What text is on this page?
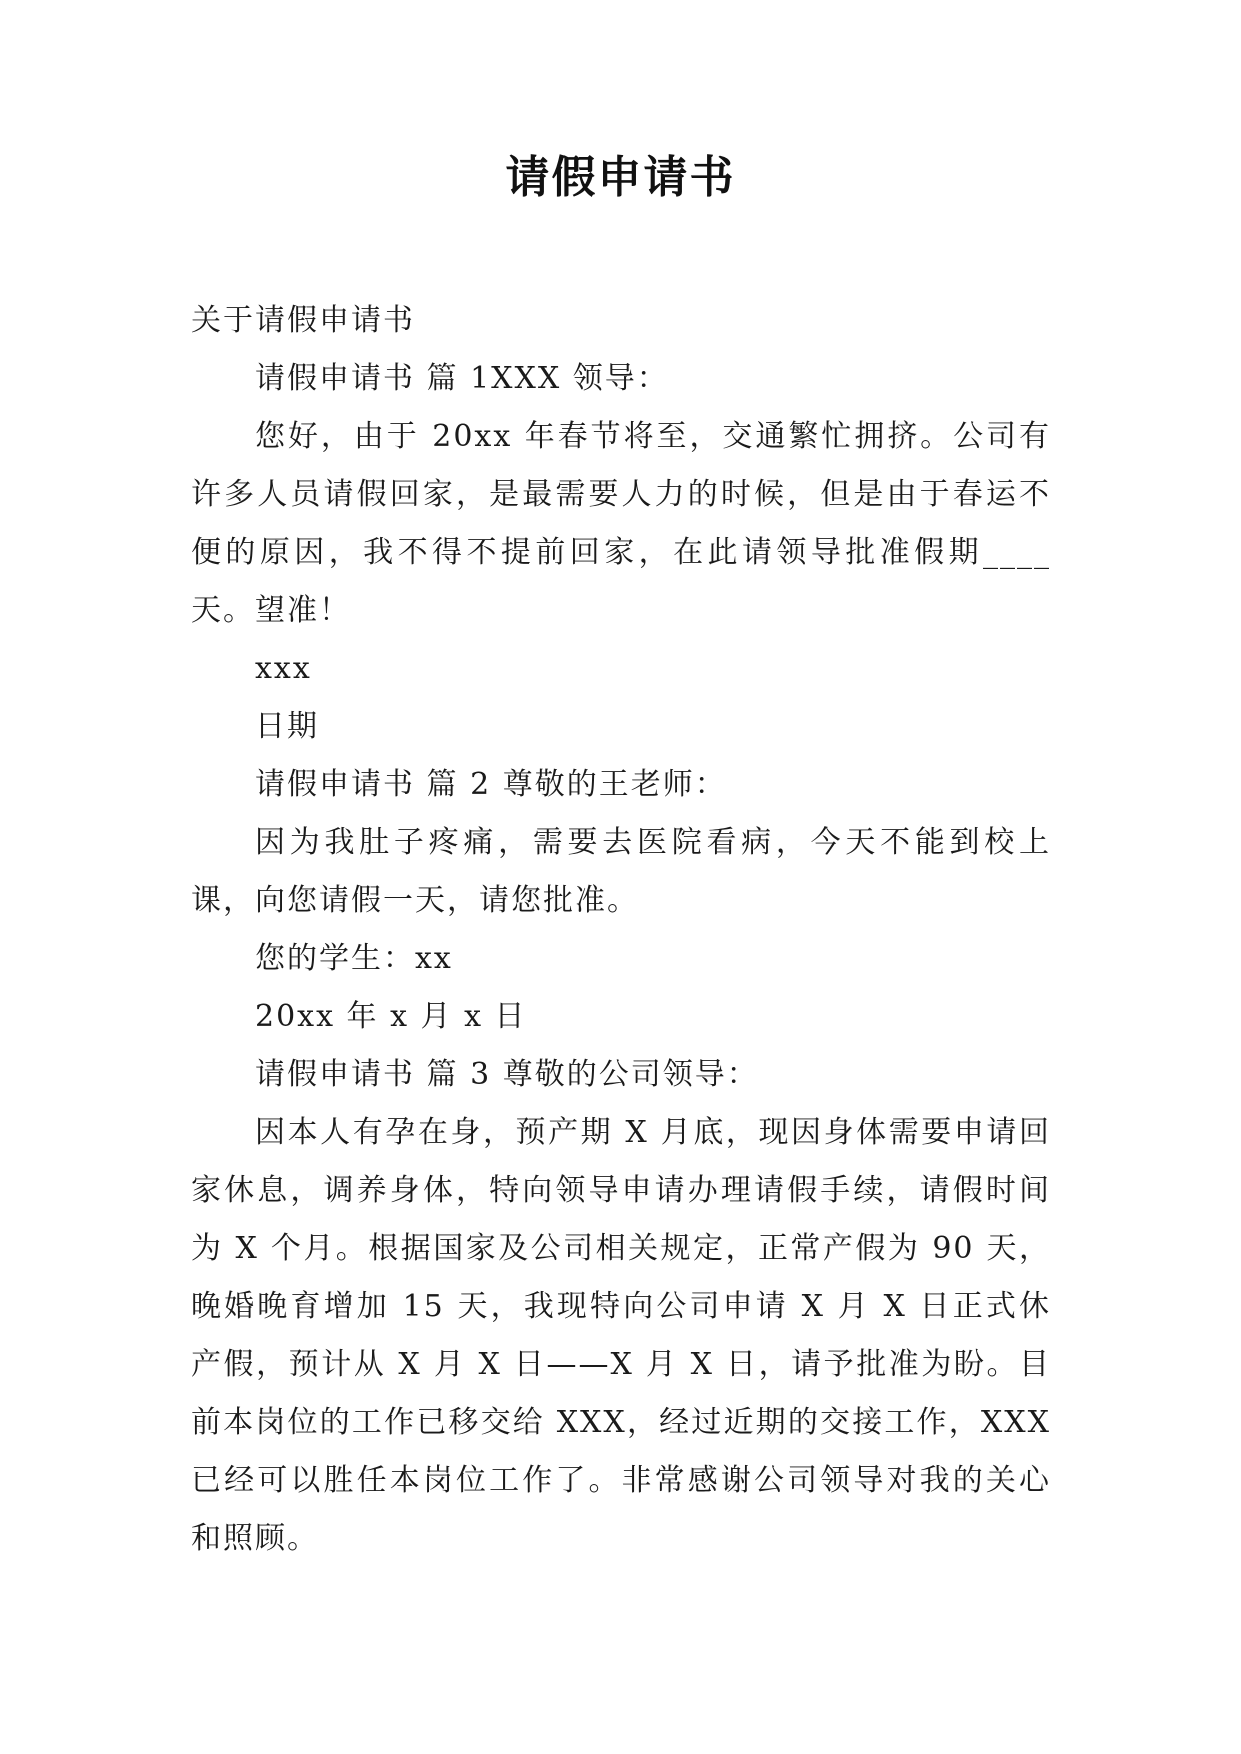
请假申请书

关于请假申请书

请假申请书 篇 1XXX 领导：

您好，由于 20xx 年春节将至，交通繁忙拥挤。公司有许多人员请假回家，是最需要人力的时候，但是由于春运不便的原因，我不得不提前回家，在此请领导批准假期____天。望准！

xxx

日期

请假申请书 篇 2 尊敬的王老师：

因为我肚子疼痛，需要去医院看病，今天不能到校上课，向您请假一天，请您批准。

您的学生：xx

20xx 年 x 月 x 日

请假申请书 篇 3 尊敬的公司领导：

因本人有孕在身，预产期 X 月底，现因身体需要申请回家休息，调养身体，特向领导申请办理请假手续，请假时间为 X 个月。根据国家及公司相关规定，正常产假为 90 天，晚婚晚育增加 15 天，我现特向公司申请 X 月 X 日正式休产假，预计从 X 月 X 日——X 月 X 日，请予批准为盼。目前本岗位的工作已移交给 XXX，经过近期的交接工作，XXX 已经可以胜任本岗位工作了。非常感谢公司领导对我的关心和照顾。
